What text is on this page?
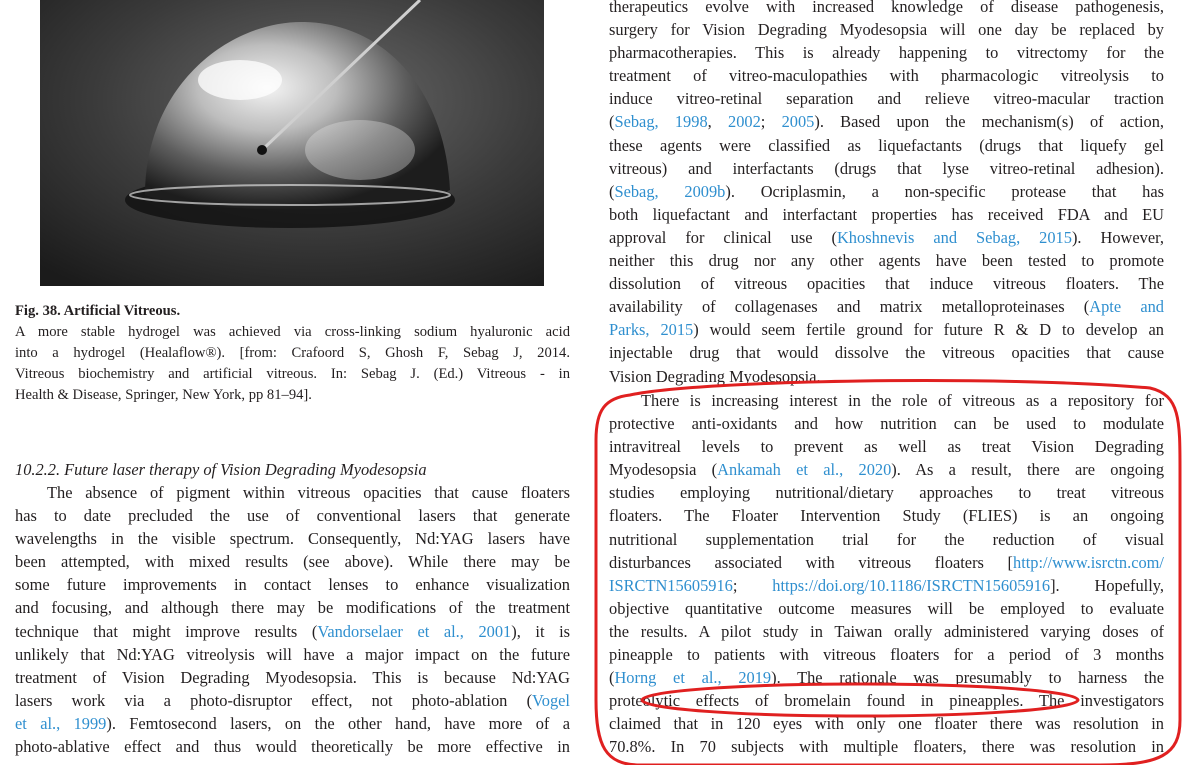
Fig. 38. Artificial Vitreous.
A more stable hydrogel was achieved via cross-linking sodium hyaluronic acid
into a hydrogel (Healaflow®). [from: Crafoord S, Ghosh F, Sebag J, 2014.
Vitreous biochemistry and artificial vitreous. In: Sebag J. (Ed.) Vitreous - in
Health & Disease, Springer, New York, pp 81–94].
10.2.2. Future laser therapy of Vision Degrading Myodesopsia
The absence of pigment within vitreous opacities that cause floaters
has to date precluded the use of conventional lasers that generate
wavelengths in the visible spectrum. Consequently, Nd:YAG lasers have
been attempted, with mixed results (see above). While there may be
some future improvements in contact lenses to enhance visualization
and focusing, and although there may be modifications of the treatment
technique that might improve results (Vandorselaer et al., 2001), it is
unlikely that Nd:YAG vitreolysis will have a major impact on the future
treatment of Vision Degrading Myodesopsia. This is because Nd:YAG
lasers work via a photo-disruptor effect, not photo-ablation (Vogel
et al., 1999). Femtosecond lasers, on the other hand, have more of a
photo-ablative effect and thus would theoretically be more effective in
therapeutics evolve with increased knowledge of disease pathogenesis,
surgery for Vision Degrading Myodesopsia will one day be replaced by
pharmacotherapies. This is already happening to vitrectomy for the
treatment of vitreo-maculopathies with pharmacologic vitreolysis to
induce vitreo-retinal separation and relieve vitreo-macular traction
(Sebag, 1998, 2002; 2005). Based upon the mechanism(s) of action,
these agents were classified as liquefactants (drugs that liquefy gel
vitreous) and interfactants (drugs that lyse vitreo-retinal adhesion).
(Sebag, 2009b). Ocriplasmin, a non-specific protease that has
both liquefactant and interfactant properties has received FDA and EU
approval for clinical use (Khoshnevis and Sebag, 2015). However,
neither this drug nor any other agents have been tested to promote
dissolution of vitreous opacities that induce vitreous floaters. The
availability of collagenases and matrix metalloproteinases (Apte and
Parks, 2015) would seem fertile ground for future R & D to develop an
injectable drug that would dissolve the vitreous opacities that cause
Vision Degrading Myodesopsia.
There is increasing interest in the role of vitreous as a repository for
protective anti-oxidants and how nutrition can be used to modulate
intravitreal levels to prevent as well as treat Vision Degrading
Myodesopsia (Ankamah et al., 2020). As a result, there are ongoing
studies employing nutritional/dietary approaches to treat vitreous
floaters. The Floater Intervention Study (FLIES) is an ongoing
nutritional supplementation trial for the reduction of visual
disturbances associated with vitreous floaters [http://www.isrctn.com/
ISRCTN15605916; https://doi.org/10.1186/ISRCTN15605916]. Hopefully,
objective quantitative outcome measures will be employed to evaluate
the results. A pilot study in Taiwan orally administered varying doses of
pineapple to patients with vitreous floaters for a period of 3 months
(Horng et al., 2019). The rationale was presumably to harness the
proteolytic effects of bromelain found in pineapples. The investigators
claimed that in 120 eyes with only one floater there was resolution in
70.8%. In 70 subjects with multiple floaters, there was resolution in
